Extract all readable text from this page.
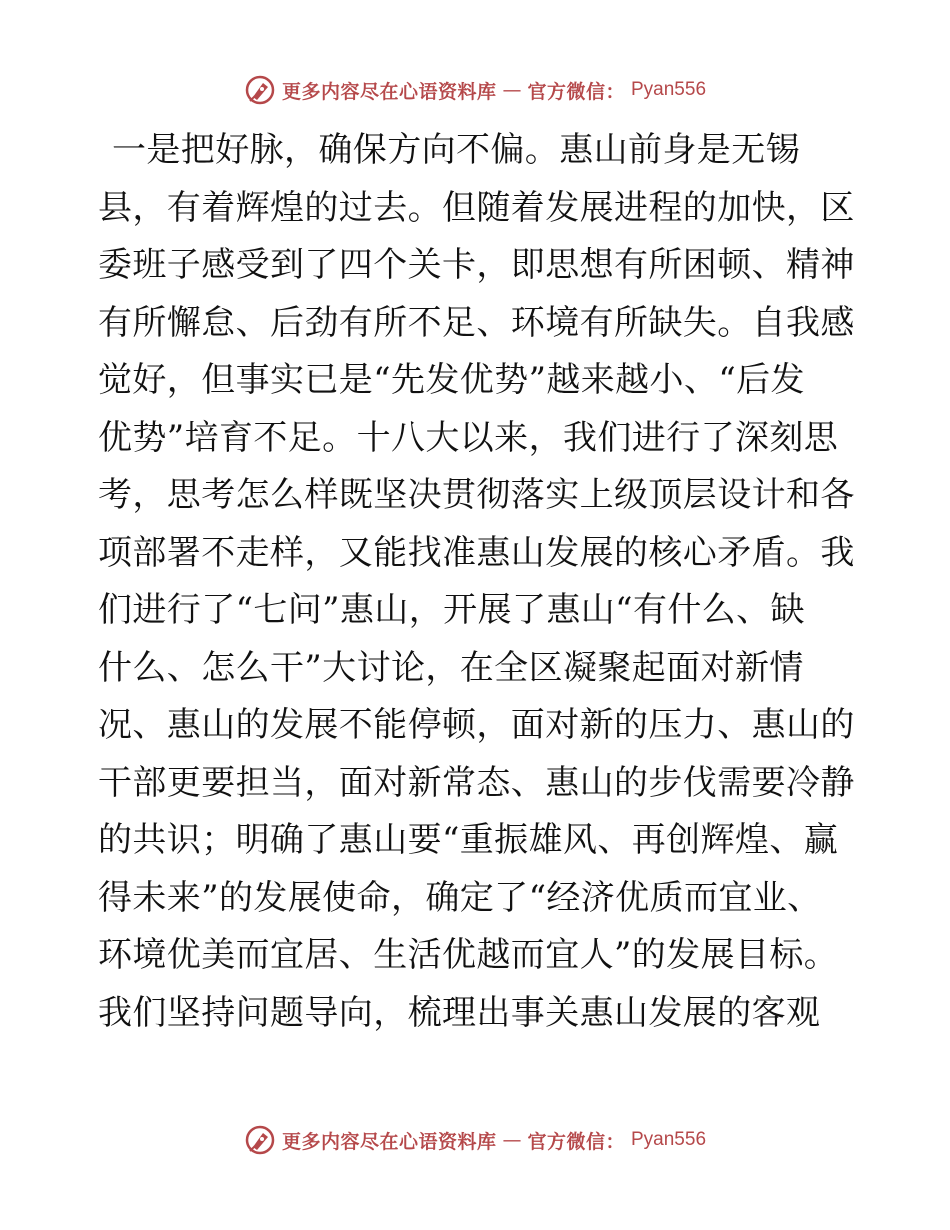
更多内容尽在心语资料库 — 官方微信： Pyan556
一是把好脉，确保方向不偏。惠山前身是无锡
县，有着辉煌的过去。但随着发展进程的加快，区
委班子感受到了四个关卡，即思想有所困顿、精神
有所懈怠、后劲有所不足、环境有所缺失。自我感
觉好，但事实已是“先发优势”越来越小、“后发
优势”培育不足。十八大以来，我们进行了深刻思
考，思考怎么样既坚决贯彻落实上级顶层设计和各
项部署不走样，又能找准惠山发展的核心矛盾。我
们进行了“七问”惠山，开展了惠山“有什么、缺
什么、怎么干”大讨论，在全区凝聚起面对新情
况、惠山的发展不能停顿，面对新的压力、惠山的
干部更要担当，面对新常态、惠山的步伐需要冷静
的共识；明确了惠山要“重振雄风、再创辉煌、赢
得未来”的发展使命，确定了“经济优质而宜业、
环境优美而宜居、生活优越而宜人”的发展目标。
我们坚持问题导向，梳理出事关惠山发展的客观
更多内容尽在心语资料库 — 官方微信： Pyan556
